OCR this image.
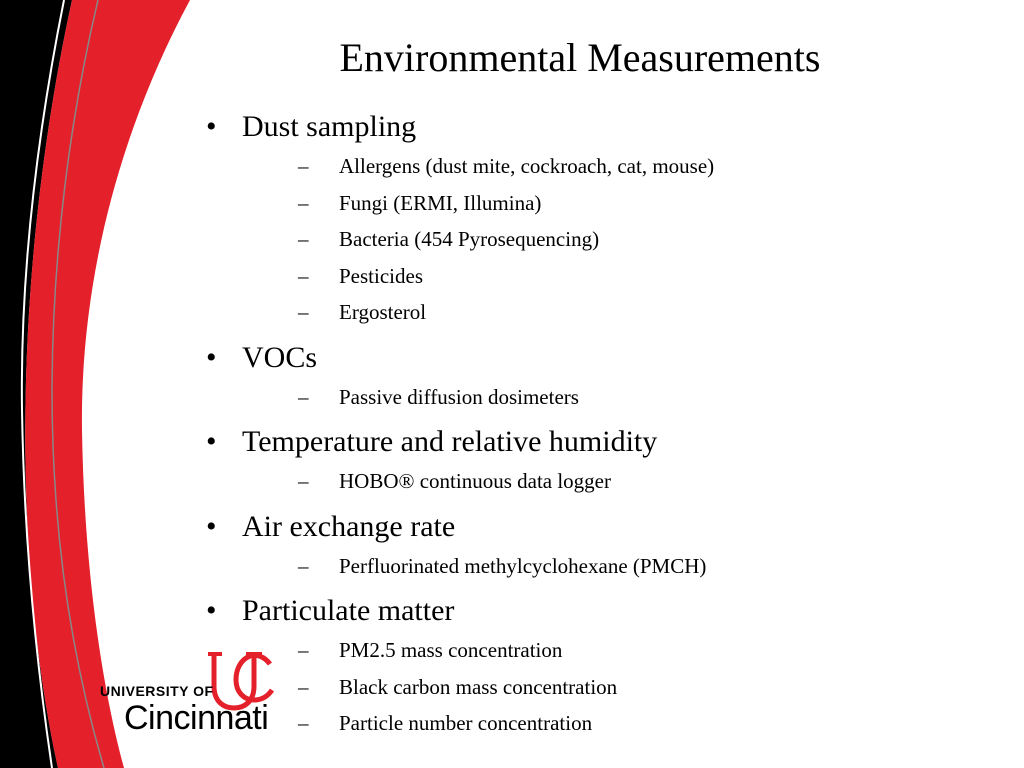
Environmental Measurements
• Dust sampling
– Allergens (dust mite, cockroach, cat, mouse)
– Fungi (ERMI, Illumina)
– Bacteria (454 Pyrosequencing)
– Pesticides
– Ergosterol
• VOCs
– Passive diffusion dosimeters
• Temperature and relative humidity
– HOBO® continuous data logger
• Air exchange rate
– Perfluorinated methylcyclohexane (PMCH)
• Particulate matter
– PM2.5 mass concentration
– Black carbon mass concentration
– Particle number concentration
UNIVERSITY OF
Cincinnati
